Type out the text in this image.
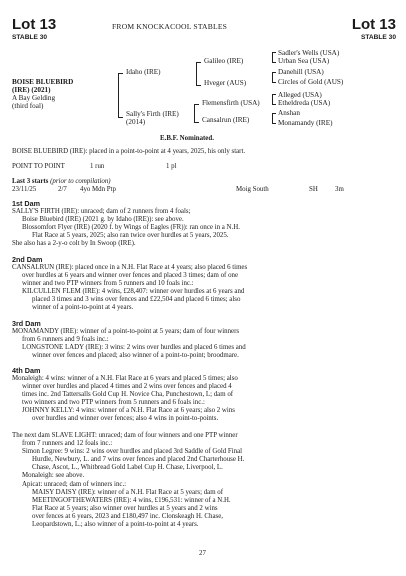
Lot 13	FROM KNOCKACOOL STABLES	Lot 13
STABLE 30	STABLE 30
BOISE BLUEBIRD
(IRE) (2021)
A Bay Gelding
(third foal)
Idaho (IRE)
Sally's Firth (IRE)
(2014)
Galileo (IRE)
Hveger (AUS)
Flemensfirth (USA)
Cansalrun (IRE)
Sadler's Wells (USA)
Urban Sea (USA)
Danehill (USA)
Circles of Gold (AUS)
Alleged (USA)
Etheldreda (USA)
Anshan
Monamandy (IRE)
E.B.F. Nominated.
BOISE BLUEBIRD (IRE): placed in a point-to-point at 4 years, 2025, his only start.
POINT TO POINT	1 run	1 pl
Last 3 starts (prior to compilation)
23/11/25	2/7 4yo Mdn Ptp	Moig South	SH 3m
1st Dam
SALLY'S FIRTH (IRE): unraced; dam of 2 runners from 4 foals;
Boise Bluebird (IRE) (2021 g. by Idaho (IRE)): see above.
Blossomfort Flyer (IRE) (2020 f. by Wings of Eagles (FR)): ran once in a N.H.
Flat Race at 5 years, 2025; also ran twice over hurdles at 5 years, 2025.
She also has a 2-y-o colt by In Swoop (IRE).
2nd Dam
CANSALRUN (IRE): placed once in a N.H. Flat Race at 4 years; also placed 6 times
over hurdles at 6 years and winner over fences and placed 3 times; dam of one
winner and two PTP winners from 5 runners and 10 foals inc.:
KILCULLEN FLEM (IRE): 4 wins, £28,407: winner over hurdles at 6 years and
placed 3 times and 3 wins over fences and £22,504 and placed 6 times; also
winner of a point-to-point at 4 years.
3rd Dam
MONAMANDY (IRE): winner of a point-to-point at 5 years; dam of four winners
from 6 runners and 9 foals inc.:
LONGSTONE LADY (IRE): 3 wins: 2 wins over hurdles and placed 6 times and
winner over fences and placed; also winner of a point-to-point; broodmare.
4th Dam
Monaleigh: 4 wins: winner of a N.H. Flat Race at 6 years and placed 5 times; also
winner over hurdles and placed 4 times and 2 wins over fences and placed 4
times inc. 2nd Tattersalls Gold Cup H. Novice Cha, Punchestown, L; dam of
two winners and two PTP winners from 5 runners and 6 foals inc.:
JOHNNY KELLY: 4 wins: winner of a N.H. Flat Race at 6 years; also 2 wins
over hurdles and winner over fences; also 4 wins in point-to-points.
The next dam SLAVE LIGHT: unraced; dam of four winners and one PTP winner
from 7 runners and 12 foals inc.:
Simon Legree: 9 wins: 2 wins over hurdles and placed 3rd Saddle of Gold Final
Hurdle, Newbury, L. and 7 wins over fences and placed 2nd Charterhouse H.
Chase, Ascot, L., Whitbread Gold Label Cup H. Chase, Liverpool, L.
Monaleigh: see above.
Apicat: unraced; dam of winners inc.:
MAISY DAISY (IRE): winner of a N.H. Flat Race at 5 years; dam of
MEETINGOFTHEWATERS (IRE): 4 wins, £196,531: winner of a N.H.
Flat Race at 5 years; also winner over hurdles at 5 years and 2 wins
over fences at 6 years, 2023 and £180,497 inc. Clonskeagh H. Chase,
Leopardstown, L.; also winner of a point-to-point at 4 years.
27
